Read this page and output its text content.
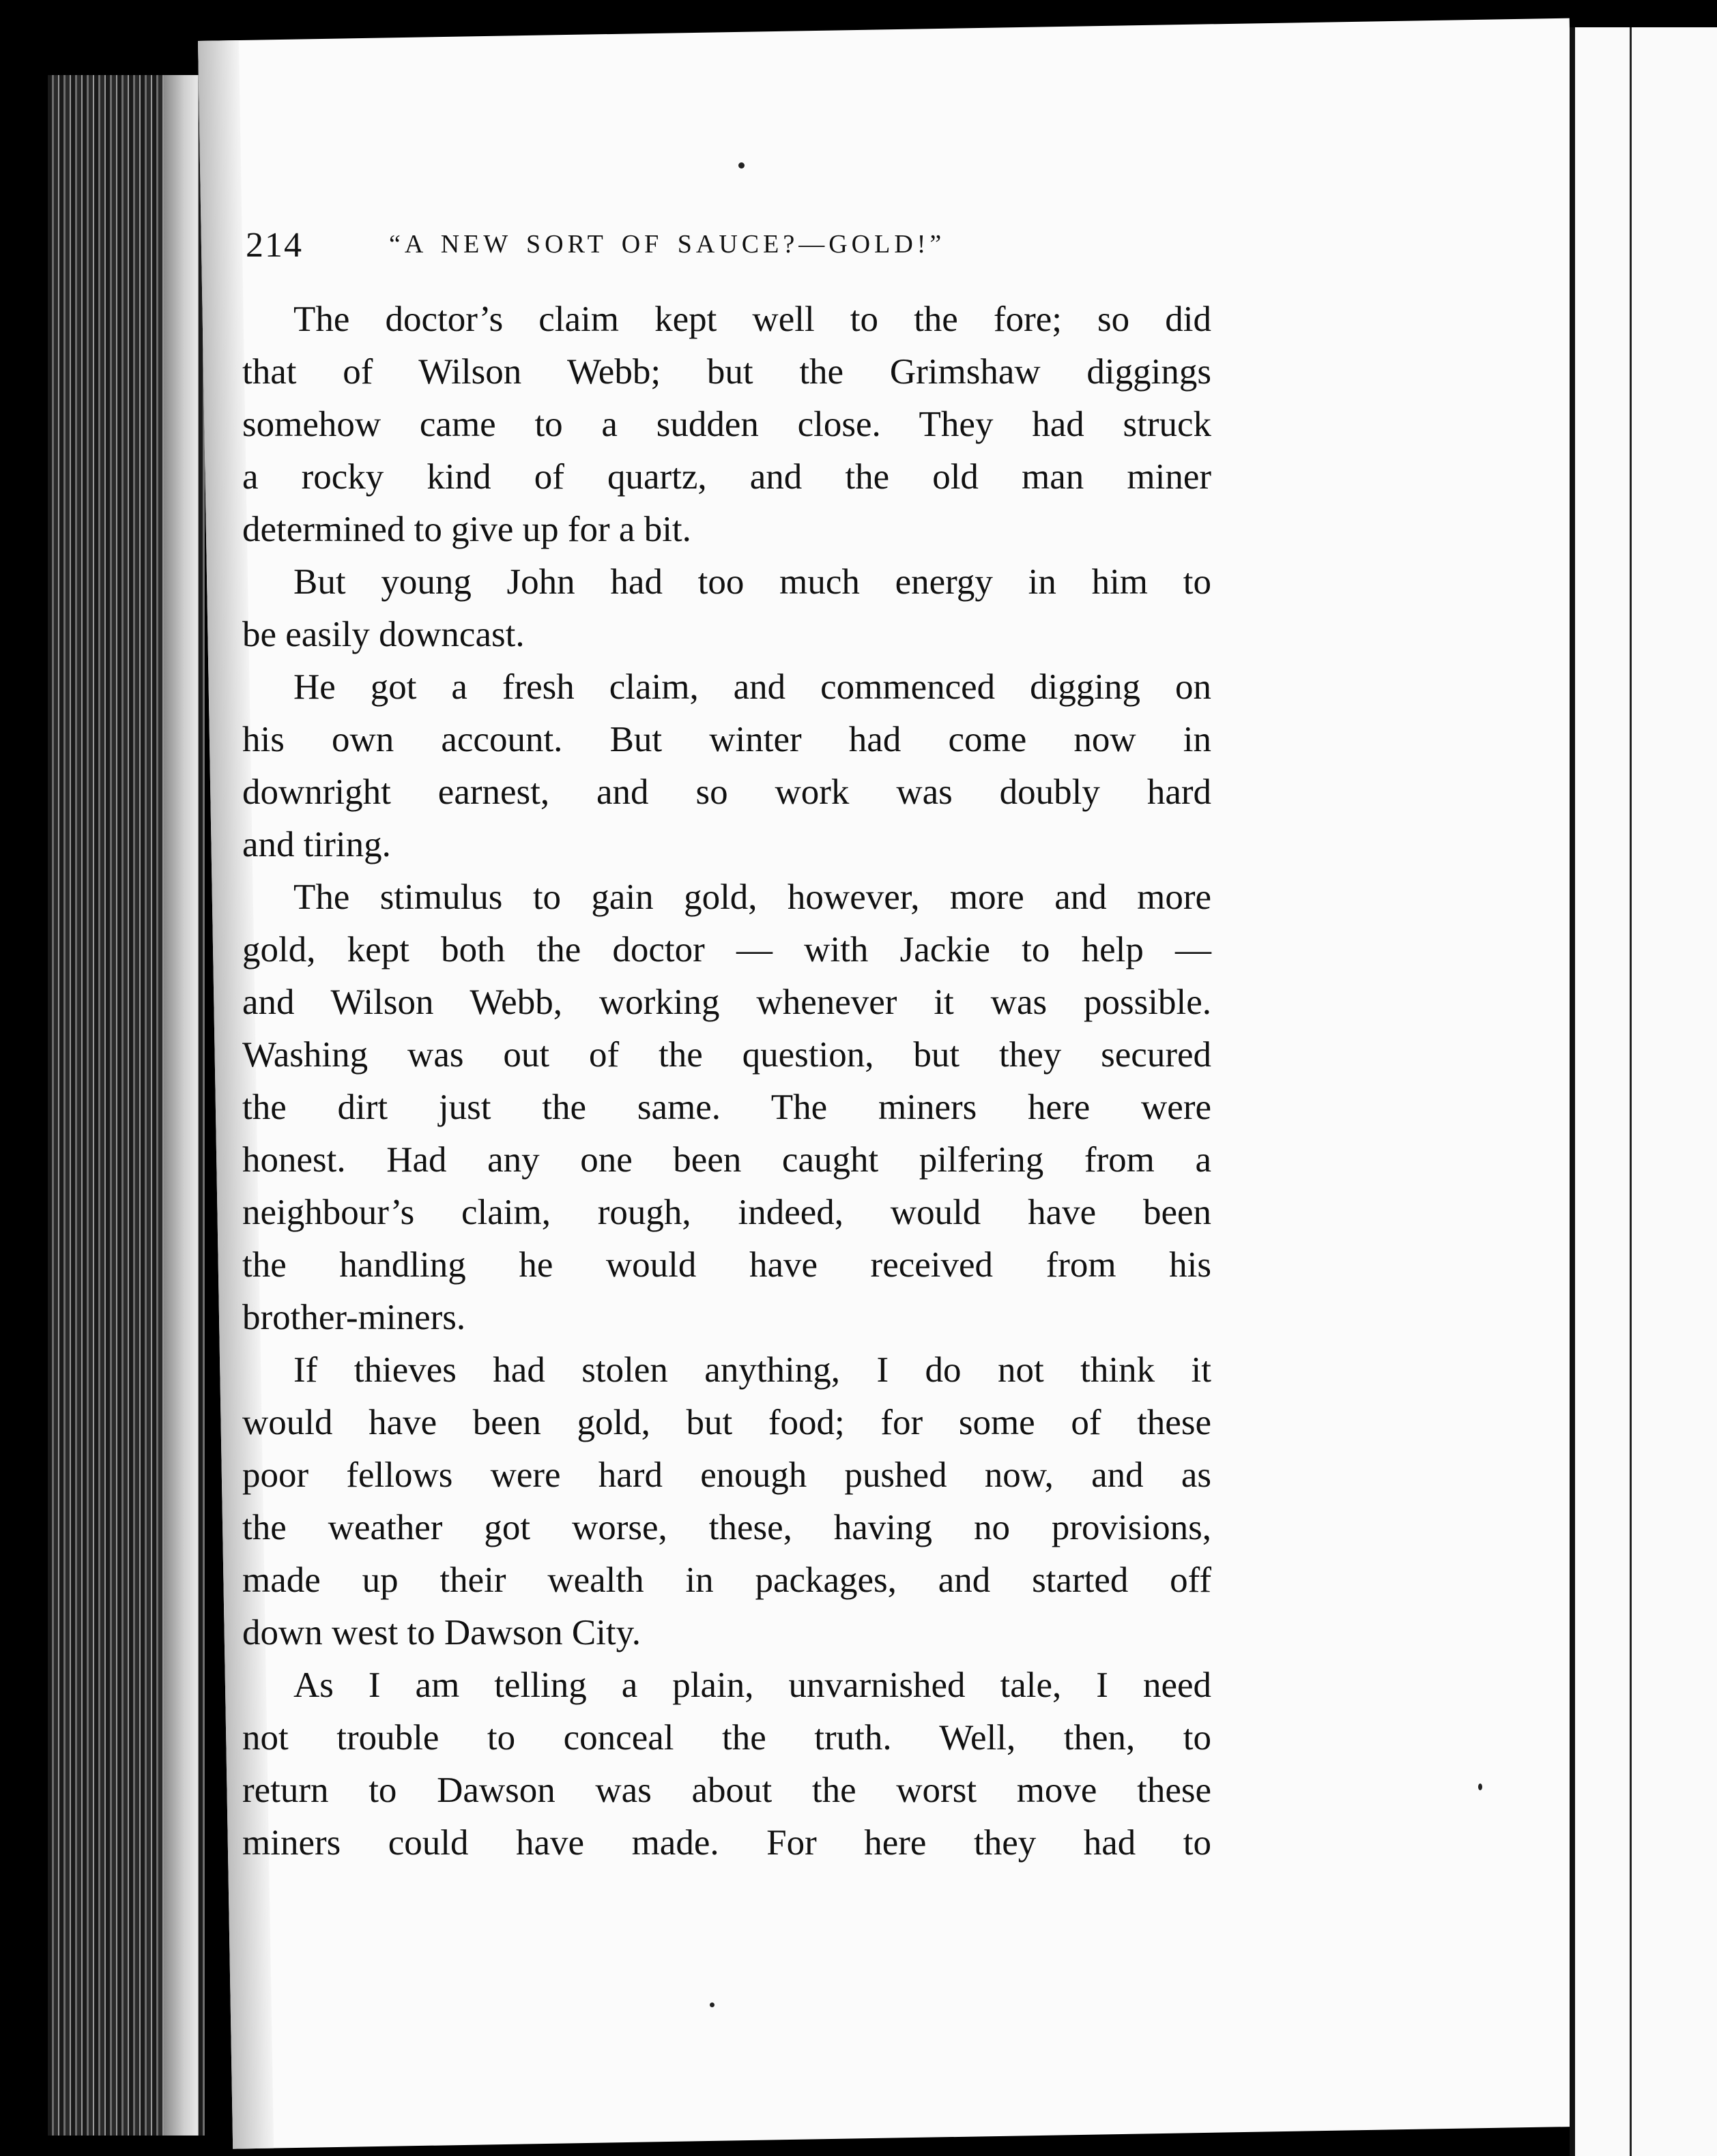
214	“A NEW SORT OF SAUCE?—GOLD!”

The doctor’s claim kept well to the fore; so did
that of Wilson Webb; but the Grimshaw diggings
somehow came to a sudden close. They had struck
a rocky kind of quartz, and the old man miner
determined to give up for a bit.

But young John had too much energy in him to
be easily downcast.

He got a fresh claim, and commenced digging on
his own account. But winter had come now in
downright earnest, and so work was doubly hard
and tiring.

The stimulus to gain gold, however, more and more
gold, kept both the doctor — with Jackie to help —
and Wilson Webb, working whenever it was possible.
Washing was out of the question, but they secured
the dirt just the same. The miners here were
honest. Had any one been caught pilfering from a
neighbour’s claim, rough, indeed, would have been
the handling he would have received from his
brother-miners.

If thieves had stolen anything, I do not think it
would have been gold, but food; for some of these
poor fellows were hard enough pushed now, and as
the weather got worse, these, having no provisions,
made up their wealth in packages, and started off
down west to Dawson City.

As I am telling a plain, unvarnished tale, I need
not trouble to conceal the truth. Well, then, to
return to Dawson was about the worst move these
miners could have made. For here they had to
